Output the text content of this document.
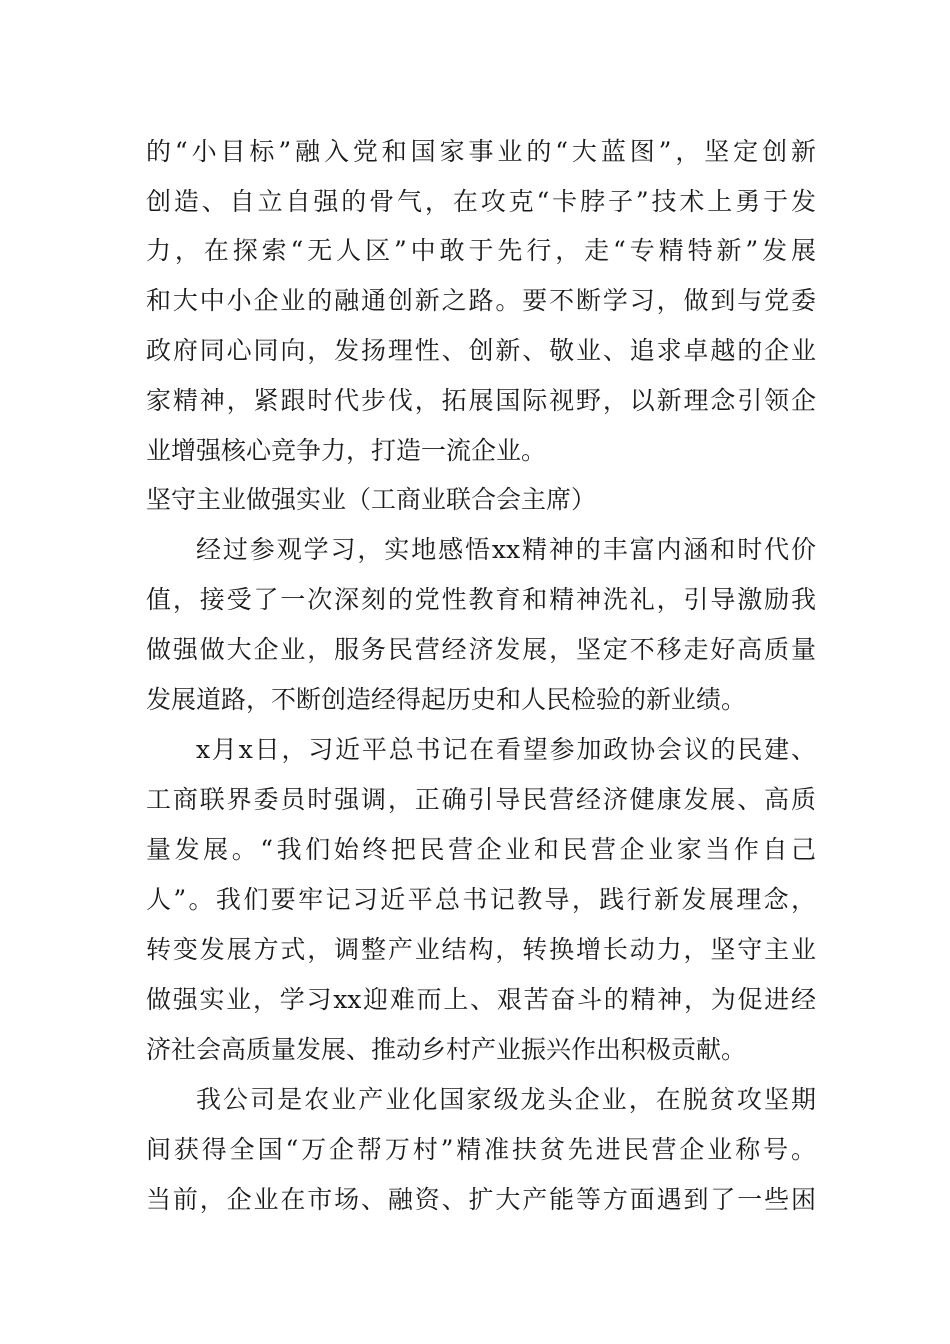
的“小目标”融入党和国家事业的“大蓝图”，坚定创新
创造、自立自强的骨气，在攻克“卡脖子”技术上勇于发
力，在探索“无人区”中敢于先行，走“专精特新”发展
和大中小企业的融通创新之路。要不断学习，做到与党委
政府同心同向，发扬理性、创新、敬业、追求卓越的企业
家精神，紧跟时代步伐，拓展国际视野，以新理念引领企
业增强核心竞争力，打造一流企业。
坚守主业做强实业（工商业联合会主席）
经过参观学习，实地感悟xx精神的丰富内涵和时代价
值，接受了一次深刻的党性教育和精神洗礼，引导激励我
做强做大企业，服务民营经济发展，坚定不移走好高质量
发展道路，不断创造经得起历史和人民检验的新业绩。
x月x日，习近平总书记在看望参加政协会议的民建、
工商联界委员时强调，正确引导民营经济健康发展、高质
量发展。“我们始终把民营企业和民营企业家当作自己
人”。我们要牢记习近平总书记教导，践行新发展理念，
转变发展方式，调整产业结构，转换增长动力，坚守主业
做强实业，学习xx迎难而上、艰苦奋斗的精神，为促进经
济社会高质量发展、推动乡村产业振兴作出积极贡献。
我公司是农业产业化国家级龙头企业，在脱贫攻坚期
间获得全国“万企帮万村”精准扶贫先进民营企业称号。
当前，企业在市场、融资、扩大产能等方面遇到了一些困
